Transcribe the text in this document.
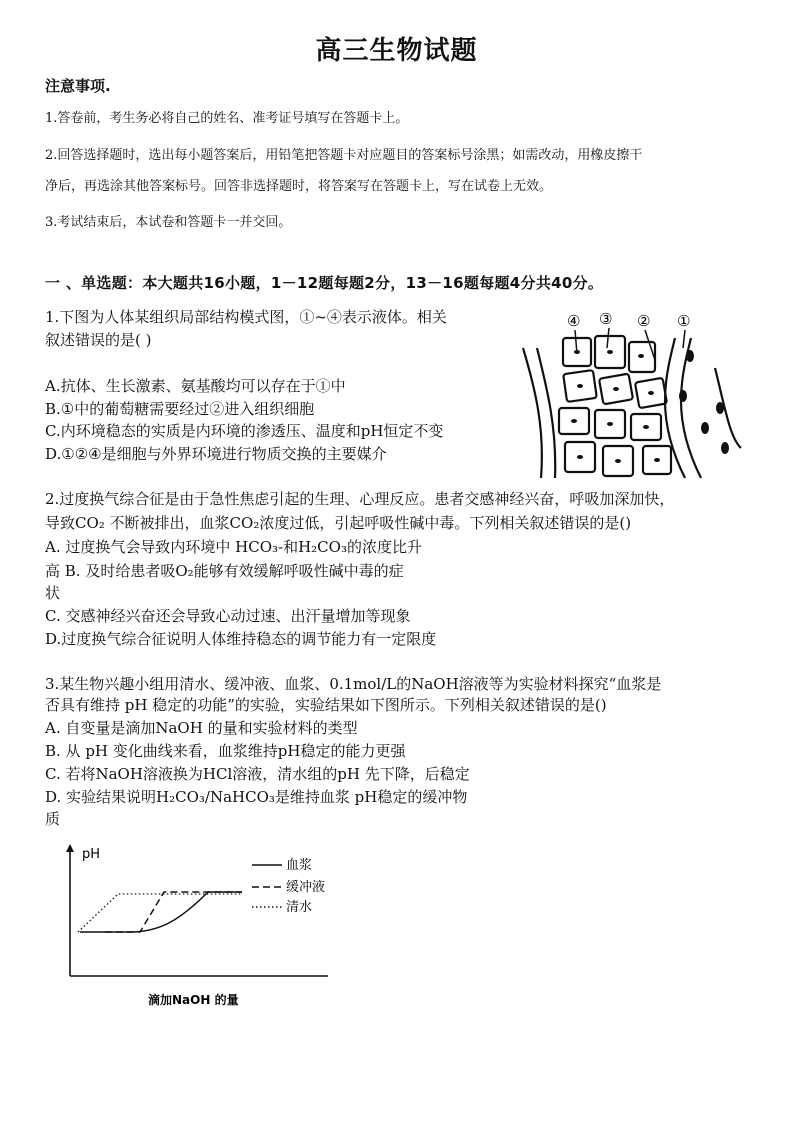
高三生物试题
注意事项.
1.答卷前，考生务必将自己的姓名、准考证号填写在答题卡上。
2.回答选择题时，选出每小题答案后，用铅笔把答题卡对应题目的答案标号涂黑；如需改动，用橡皮擦干
净后，再选涂其他答案标号。回答非选择题时，将答案写在答题卡上，写在试卷上无效。
3.考试结束后，本试卷和答题卡一并交回。
一 、单选题：本大题共16小题，1－12题每题2分，13－16题每题4分共40分。
1.下图为人体某组织局部结构模式图，①~④表示液体。相关
叙述错误的是( )
A.抗体、生长激素、氨基酸均可以存在于①中
B.①中的葡萄糖需要经过②进入组织细胞
C.内环境稳态的实质是内环境的渗透压、温度和pH恒定不变
D.①②④是细胞与外界环境进行物质交换的主要媒介
④ ③ ② ①
2.过度换气综合征是由于急性焦虑引起的生理、心理反应。患者交感神经兴奋，呼吸加深加快，
导致CO₂ 不断被排出，血浆CO₂浓度过低，引起呼吸性碱中毒。下列相关叙述错误的是()
A. 过度换气会导致内环境中 HCO₃-和H₂CO₃的浓度比升
高 B. 及时给患者吸O₂能够有效缓解呼吸性碱中毒的症
状
C. 交感神经兴奋还会导致心动过速、出汗量增加等现象
D.过度换气综合征说明人体维持稳态的调节能力有一定限度
3.某生物兴趣小组用清水、缓冲液、血浆、0.1mol/L的NaOH溶液等为实验材料探究“血浆是
否具有维持 pH 稳定的功能”的实验，实验结果如下图所示。下列相关叙述错误的是()
A. 自变量是滴加NaOH 的量和实验材料的类型
B. 从 pH 变化曲线来看，血浆维持pH稳定的能力更强
C. 若将NaOH溶液换为HCl溶液，清水组的pH 先下降，后稳定
D. 实验结果说明H₂CO₃/NaHCO₃是维持血浆 pH稳定的缓冲物
质
pH
滴加NaOH 的量
血浆
缓冲液
清水
